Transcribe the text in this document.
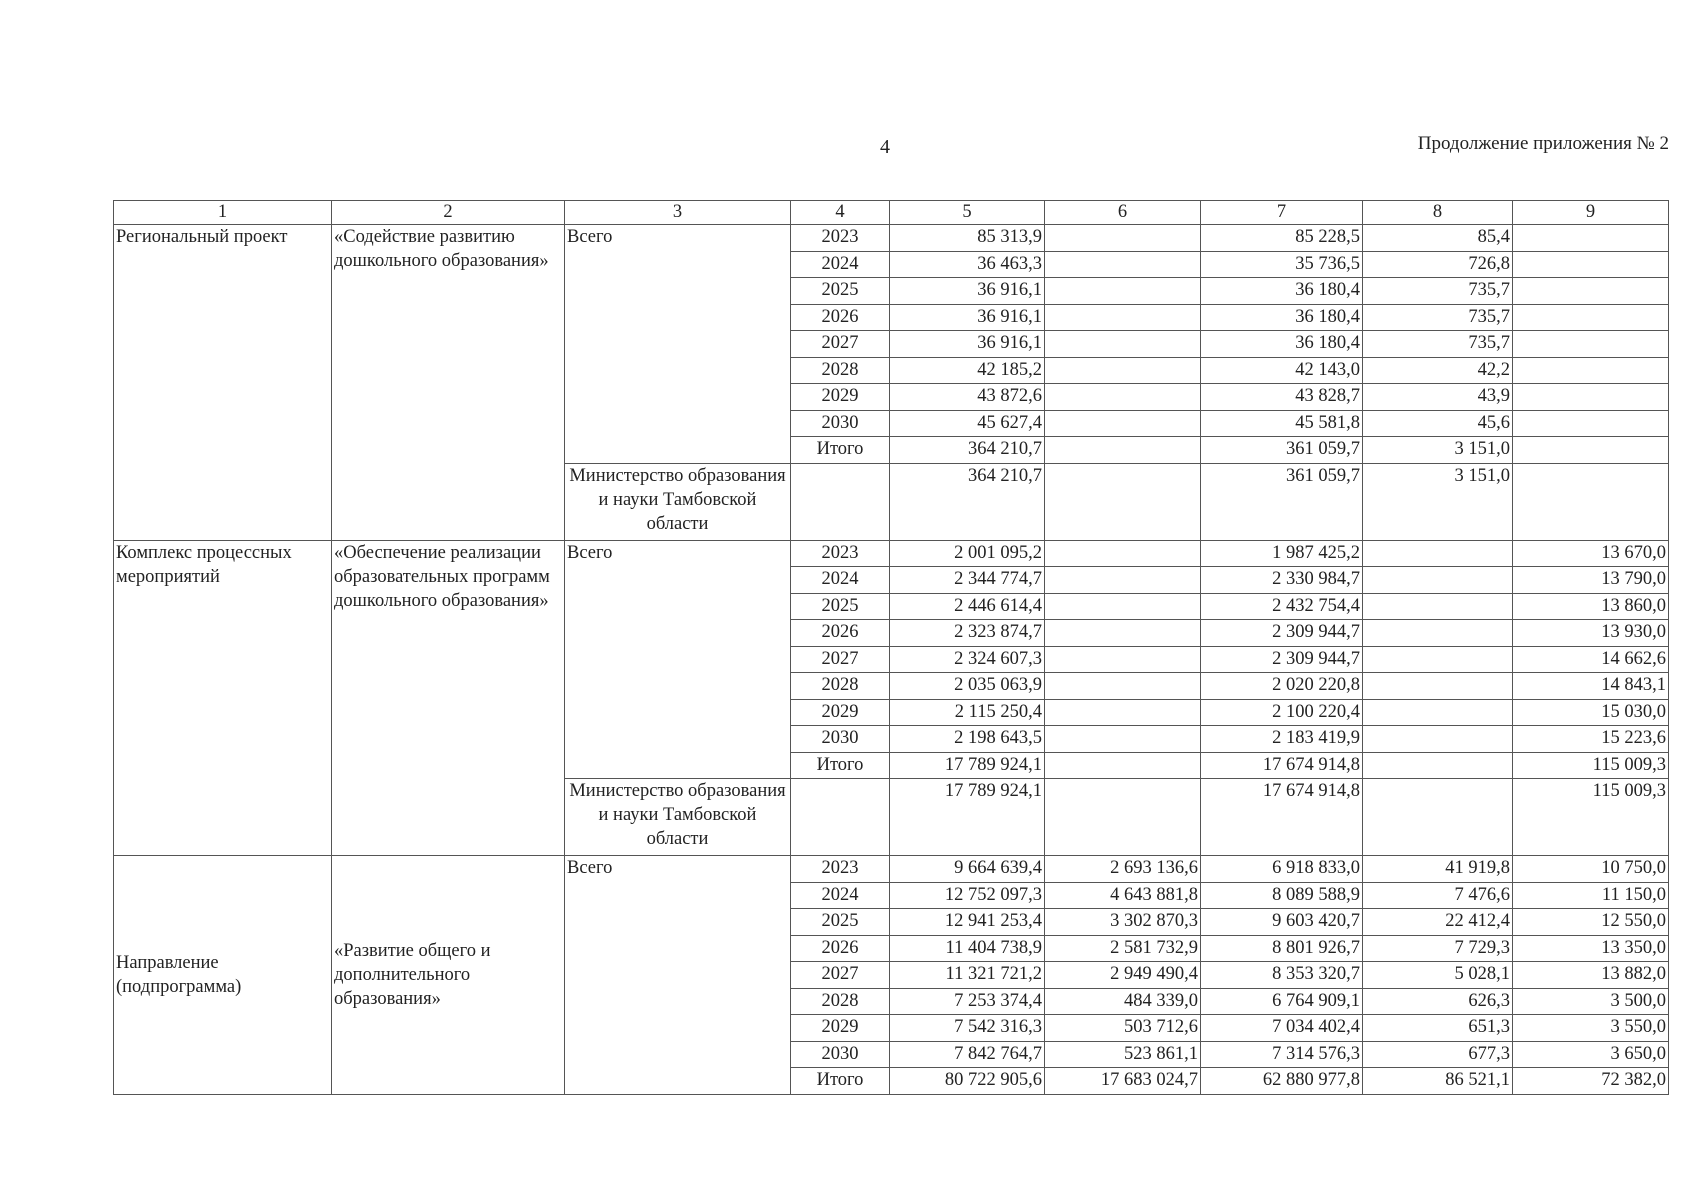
4	Продолжение приложения № 2
1	2	3	4	5	6	7	8	9
Региональный проект	«Содействие развитию дошкольного образования»	Всего	2023	85 313,9		85 228,5	85,4	
			2024	36 463,3		35 736,5	726,8	
			2025	36 916,1		36 180,4	735,7	
			2026	36 916,1		36 180,4	735,7	
			2027	36 916,1		36 180,4	735,7	
			2028	42 185,2		42 143,0	42,2	
			2029	43 872,6		43 828,7	43,9	
			2030	45 627,4		45 581,8	45,6	
			Итого	364 210,7		361 059,7	3 151,0	
		Министерство образования и науки Тамбовской области		364 210,7		361 059,7	3 151,0	
Комплекс процессных мероприятий	«Обеспечение реализации образовательных программ дошкольного образования»	Всего	2023	2 001 095,2		1 987 425,2		13 670,0
			2024	2 344 774,7		2 330 984,7		13 790,0
			2025	2 446 614,4		2 432 754,4		13 860,0
			2026	2 323 874,7		2 309 944,7		13 930,0
			2027	2 324 607,3		2 309 944,7		14 662,6
			2028	2 035 063,9		2 020 220,8		14 843,1
			2029	2 115 250,4		2 100 220,4		15 030,0
			2030	2 198 643,5		2 183 419,9		15 223,6
			Итого	17 789 924,1		17 674 914,8		115 009,3
		Министерство образования и науки Тамбовской области		17 789 924,1		17 674 914,8		115 009,3
Направление (подпрограмма)	«Развитие общего и дополнительного образования»	Всего	2023	9 664 639,4	2 693 136,6	6 918 833,0	41 919,8	10 750,0
			2024	12 752 097,3	4 643 881,8	8 089 588,9	7 476,6	11 150,0
			2025	12 941 253,4	3 302 870,3	9 603 420,7	22 412,4	12 550,0
			2026	11 404 738,9	2 581 732,9	8 801 926,7	7 729,3	13 350,0
			2027	11 321 721,2	2 949 490,4	8 353 320,7	5 028,1	13 882,0
			2028	7 253 374,4	484 339,0	6 764 909,1	626,3	3 500,0
			2029	7 542 316,3	503 712,6	7 034 402,4	651,3	3 550,0
			2030	7 842 764,7	523 861,1	7 314 576,3	677,3	3 650,0
			Итого	80 722 905,6	17 683 024,7	62 880 977,8	86 521,1	72 382,0
